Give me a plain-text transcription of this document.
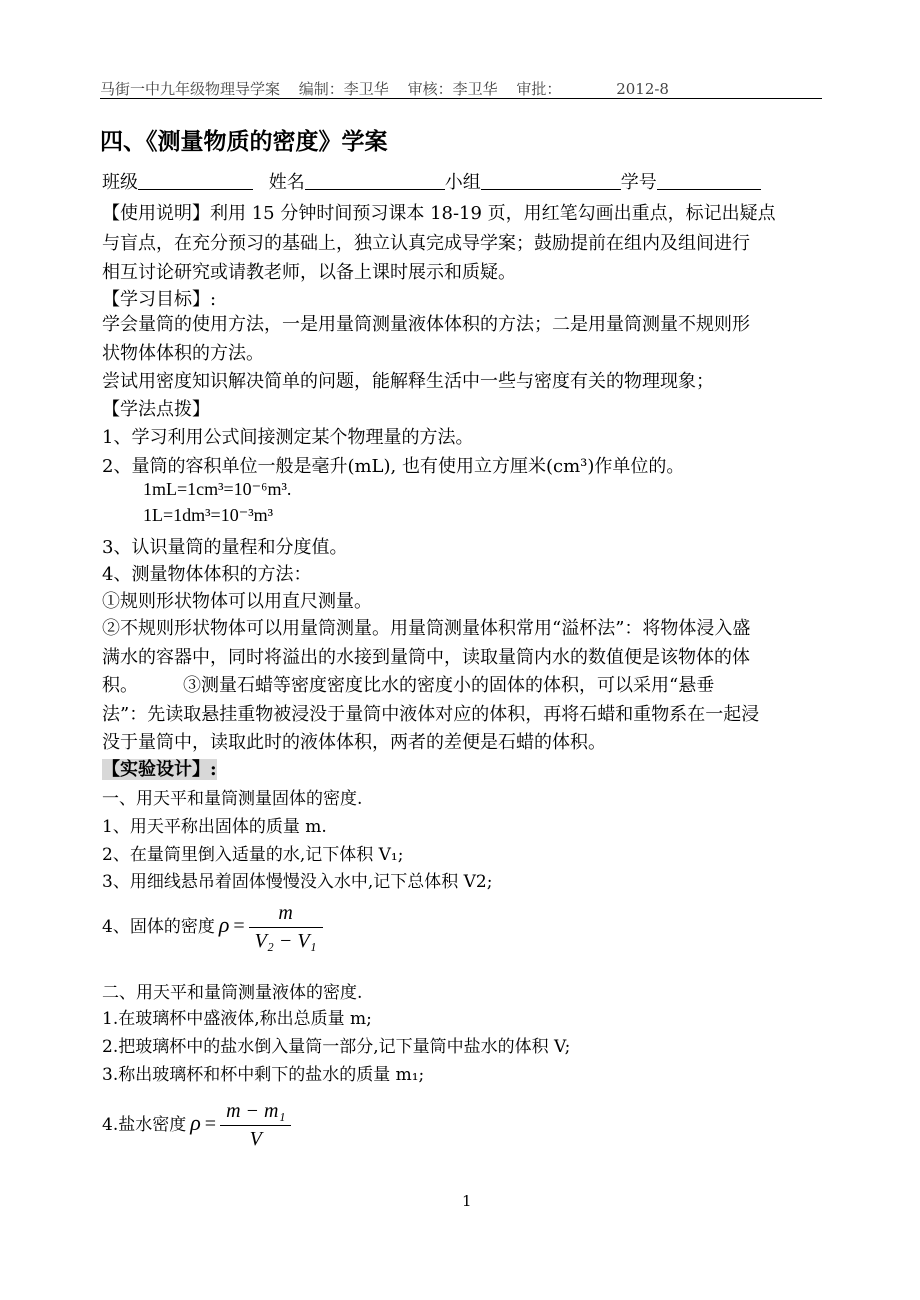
马街一中九年级物理导学案 编制：李卫华 审核：李卫华 审批：	2012-8
四、《测量物质的密度》学案
班级	姓名	小组	学号
【使用说明】利用 15 分钟时间预习课本 18-19 页，用红笔勾画出重点，标记出疑点
与盲点，在充分预习的基础上，独立认真完成导学案；鼓励提前在组内及组间进行
相互讨论研究或请教老师，以备上课时展示和质疑。
【学习目标】:
学会量筒的使用方法，一是用量筒测量液体体积的方法；二是用量筒测量不规则形
状物体体积的方法。
尝试用密度知识解决简单的问题，能解释生活中一些与密度有关的物理现象；
【学法点拨】
1、学习利用公式间接测定某个物理量的方法。
2、量筒的容积单位一般是毫升(mL), 也有使用立方厘米(cm³)作单位的。
1mL=1cm³=10⁻⁶m³.
1L=1dm³=10⁻³m³
3、认识量筒的量程和分度值。
4、测量物体体积的方法：
①规则形状物体可以用直尺测量。
②不规则形状物体可以用量筒测量。用量筒测量体积常用“溢杯法”：将物体浸入盛
满水的容器中，同时将溢出的水接到量筒中，读取量筒内水的数值便是该物体的体
积。　　　③测量石蜡等密度密度比水的密度小的固体的体积，可以采用“悬垂
法”：先读取悬挂重物被浸没于量筒中液体对应的体积，再将石蜡和重物系在一起浸
没于量筒中，读取此时的液体体积，两者的差便是石蜡的体积。
【实验设计】:
一、用天平和量筒测量固体的密度.
1、用天平称出固体的质量 m.
2、在量筒里倒入适量的水,记下体积 V₁;
3、用细线悬吊着固体慢慢没入水中,记下总体积 V2;
4、固体的密度 $\rho = \frac{m}{\text{V₂ − V₁}}$
二、用天平和量筒测量液体的密度.
1.在玻璃杯中盛液体,称出总质量 m;
2.把玻璃杯中的盐水倒入量筒一部分,记下量筒中盐水的体积 V;
3.称出玻璃杯和杯中剩下的盐水的质量 m₁;
4.盐水密度 $\rho = \frac{\text{m − m₁}}{V}$
1
